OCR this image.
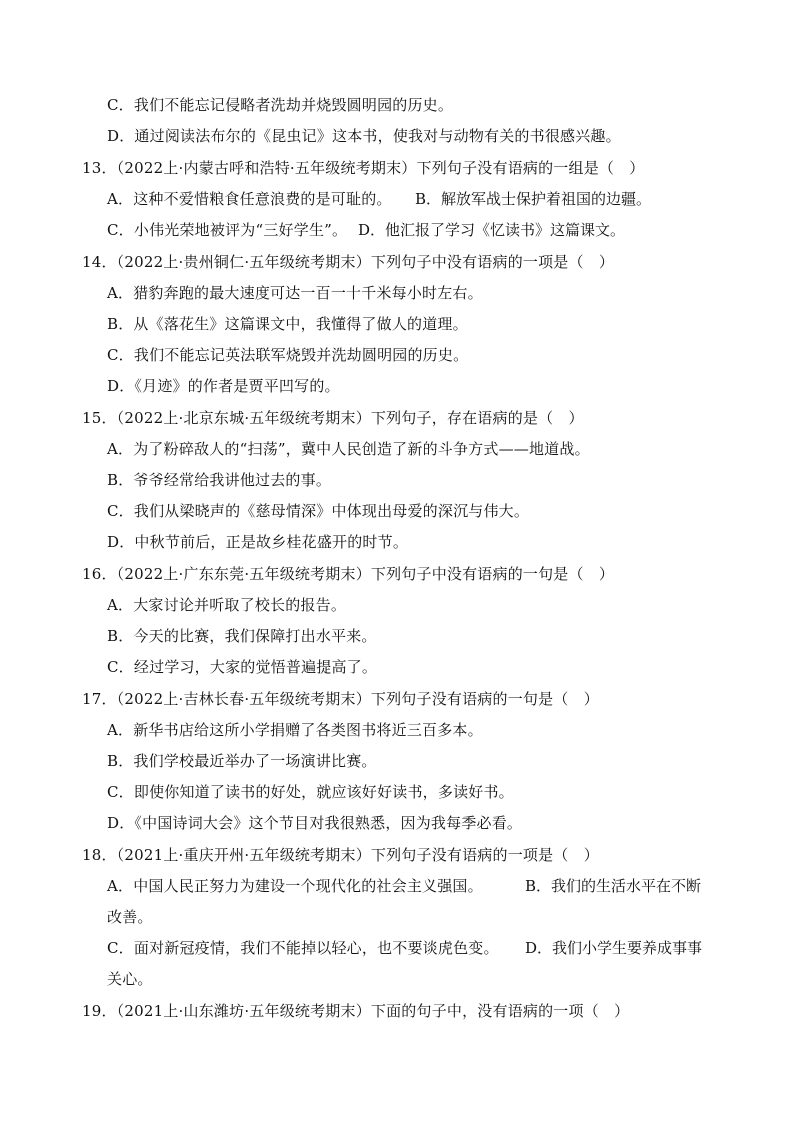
C．我们不能忘记侵略者洗劫并烧毁圆明园的历史。
D．通过阅读法布尔的《昆虫记》这本书，使我对与动物有关的书很感兴趣。
13．（2022上·内蒙古呼和浩特·五年级统考期末）下列句子没有语病的一组是（　）
A．这种不爱惜粮食任意浪费的是可耻的。 B．解放军战士保护着祖国的边疆。
C．小伟光荣地被评为“三好学生”。 D．他汇报了学习《忆读书》这篇课文。
14．（2022上·贵州铜仁·五年级统考期末）下列句子中没有语病的一项是（　）
A．猎豹奔跑的最大速度可达一百一十千米每小时左右。
B．从《落花生》这篇课文中，我懂得了做人的道理。
C．我们不能忘记英法联军烧毁并洗劫圆明园的历史。
D．《月迹》的作者是贾平凹写的。
15．（2022上·北京东城·五年级统考期末）下列句子，存在语病的是（　）
A．为了粉碎敌人的“扫荡”，冀中人民创造了新的斗争方式——地道战。
B．爷爷经常给我讲他过去的事。
C．我们从梁晓声的《慈母情深》中体现出母爱的深沉与伟大。
D．中秋节前后，正是故乡桂花盛开的时节。
16．（2022上·广东东莞·五年级统考期末）下列句子中没有语病的一句是（　）
A．大家讨论并听取了校长的报告。
B．今天的比赛，我们保障打出水平来。
C．经过学习，大家的觉悟普遍提高了。
17．（2022上·吉林长春·五年级统考期末）下列句子没有语病的一句是（　）
A．新华书店给这所小学捐赠了各类图书将近三百多本。
B．我们学校最近举办了一场演讲比赛。
C．即使你知道了读书的好处，就应该好好读书，多读好书。
D．《中国诗词大会》这个节目对我很熟悉，因为我每季必看。
18．（2021上·重庆开州·五年级统考期末）下列句子没有语病的一项是（　）
A．中国人民正努力为建设一个现代化的社会主义强国。	B．我们的生活水平在不断
改善。
C．面对新冠疫情，我们不能掉以轻心，也不要谈虎色变。 D．我们小学生要养成事事
关心。
19．（2021上·山东潍坊·五年级统考期末）下面的句子中，没有语病的一项（　）
